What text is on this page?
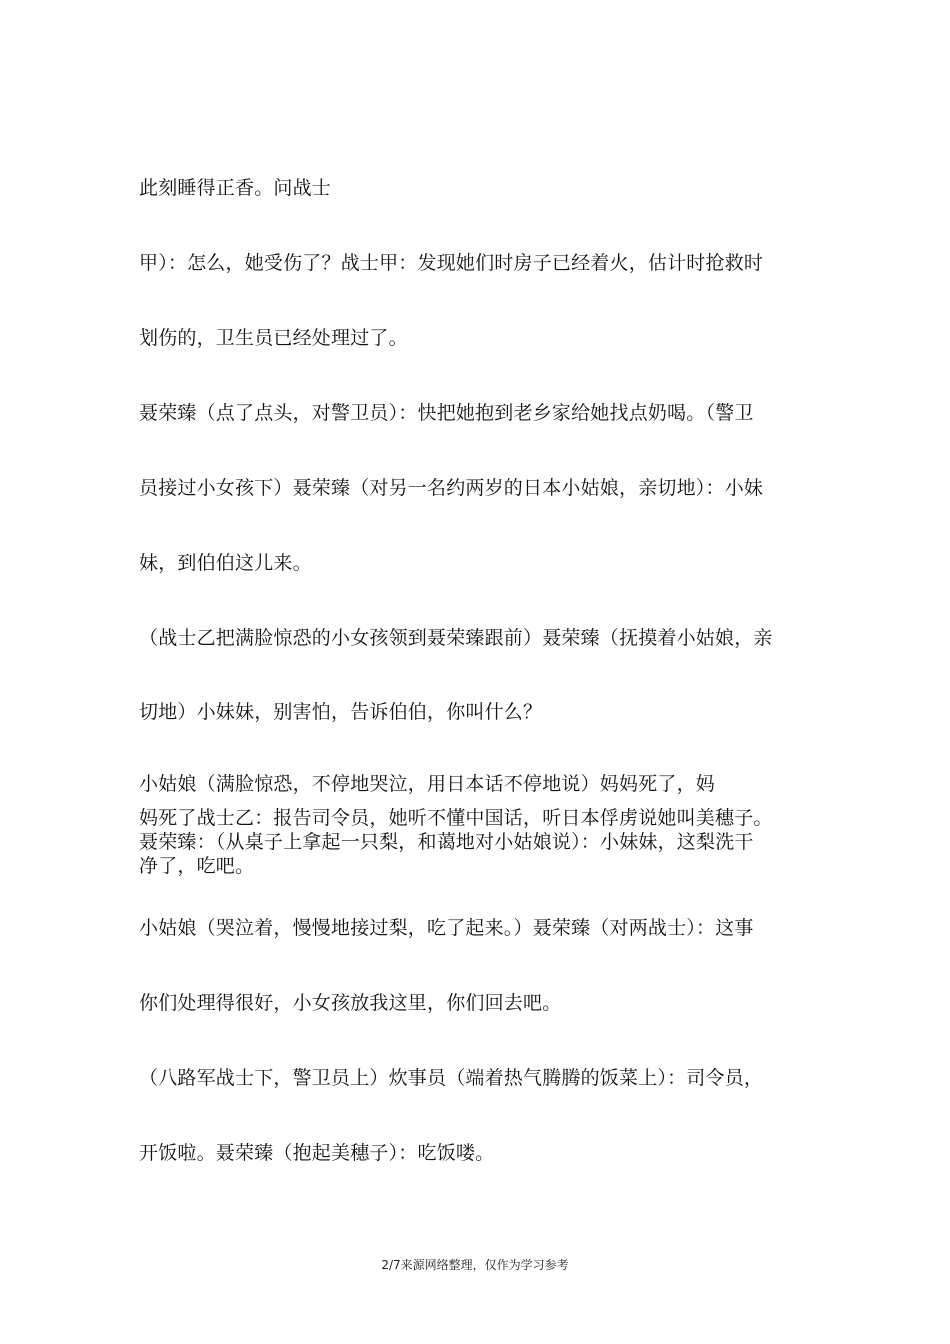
此刻睡得正香。问战士
甲）：怎么，她受伤了？战士甲：发现她们时房子已经着火，估计时抢救时
划伤的，卫生员已经处理过了。
聂荣臻（点了点头，对警卫员）：快把她抱到老乡家给她找点奶喝。（警卫
员接过小女孩下）聂荣臻（对另一名约两岁的日本小姑娘，亲切地）：小妹
妹，到伯伯这儿来。
（战士乙把满脸惊恐的小女孩领到聂荣臻跟前）聂荣臻（抚摸着小姑娘，亲
切地）小妹妹，别害怕，告诉伯伯，你叫什么？
小姑娘（满脸惊恐，不停地哭泣，用日本话不停地说）妈妈死了，妈
妈死了战士乙：报告司令员，她听不懂中国话，听日本俘虏说她叫美穗子。
聂荣臻：（从桌子上拿起一只梨，和蔼地对小姑娘说）：小妹妹，这梨洗干
净了，吃吧。
小姑娘（哭泣着，慢慢地接过梨，吃了起来。）聂荣臻（对两战士）：这事
你们处理得很好，小女孩放我这里，你们回去吧。
（八路军战士下，警卫员上）炊事员（端着热气腾腾的饭菜上）：司令员，
开饭啦。聂荣臻（抱起美穗子）：吃饭喽。
2/7来源网络整理，仅作为学习参考
